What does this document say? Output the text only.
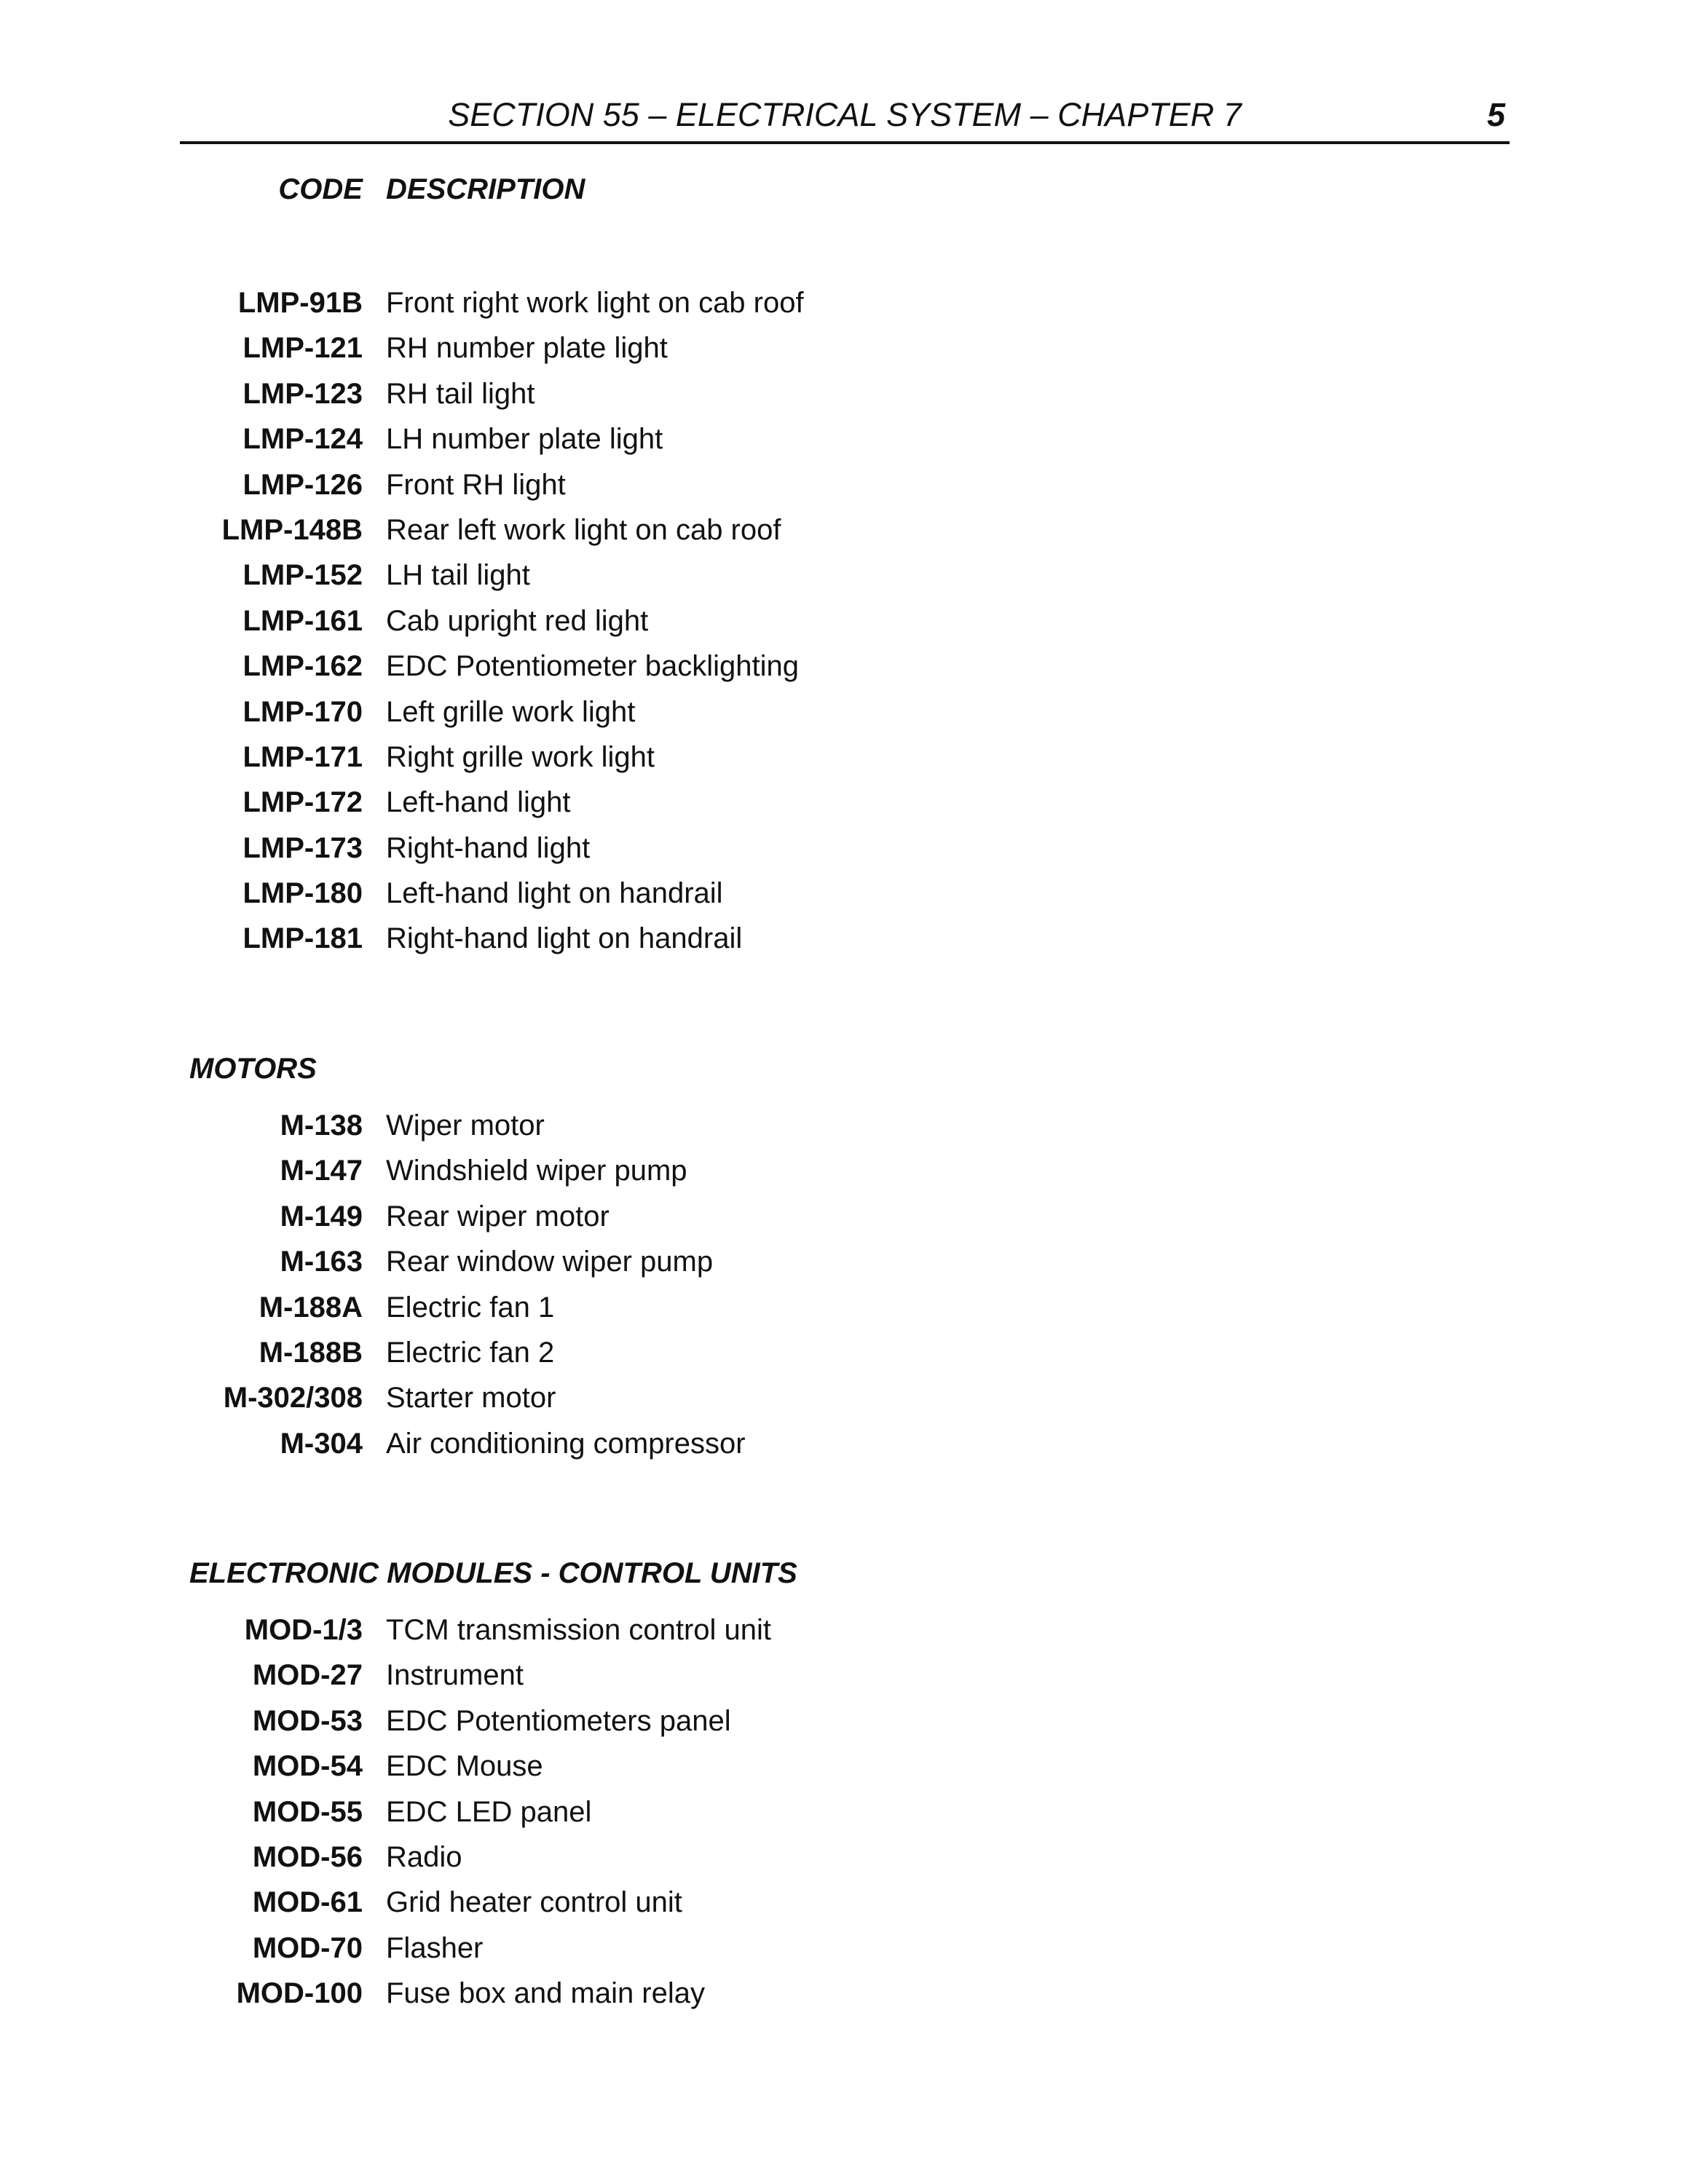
SECTION 55 – ELECTRICAL SYSTEM – CHAPTER 7	5
CODE DESCRIPTION
LMP-91B Front right work light on cab roof
LMP-121 RH number plate light
LMP-123 RH tail light
LMP-124 LH number plate light
LMP-126 Front RH light
LMP-148B Rear left work light on cab roof
LMP-152 LH tail light
LMP-161 Cab upright red light
LMP-162 EDC Potentiometer backlighting
LMP-170 Left grille work light
LMP-171 Right grille work light
LMP-172 Left-hand light
LMP-173 Right-hand light
LMP-180 Left-hand light on handrail
LMP-181 Right-hand light on handrail
MOTORS
M-138 Wiper motor
M-147 Windshield wiper pump
M-149 Rear wiper motor
M-163 Rear window wiper pump
M-188A Electric fan 1
M-188B Electric fan 2
M-302/308 Starter motor
M-304 Air conditioning compressor
ELECTRONIC MODULES - CONTROL UNITS
MOD-1/3 TCM transmission control unit
MOD-27 Instrument
MOD-53 EDC Potentiometers panel
MOD-54 EDC Mouse
MOD-55 EDC LED panel
MOD-56 Radio
MOD-61 Grid heater control unit
MOD-70 Flasher
MOD-100 Fuse box and main relay
